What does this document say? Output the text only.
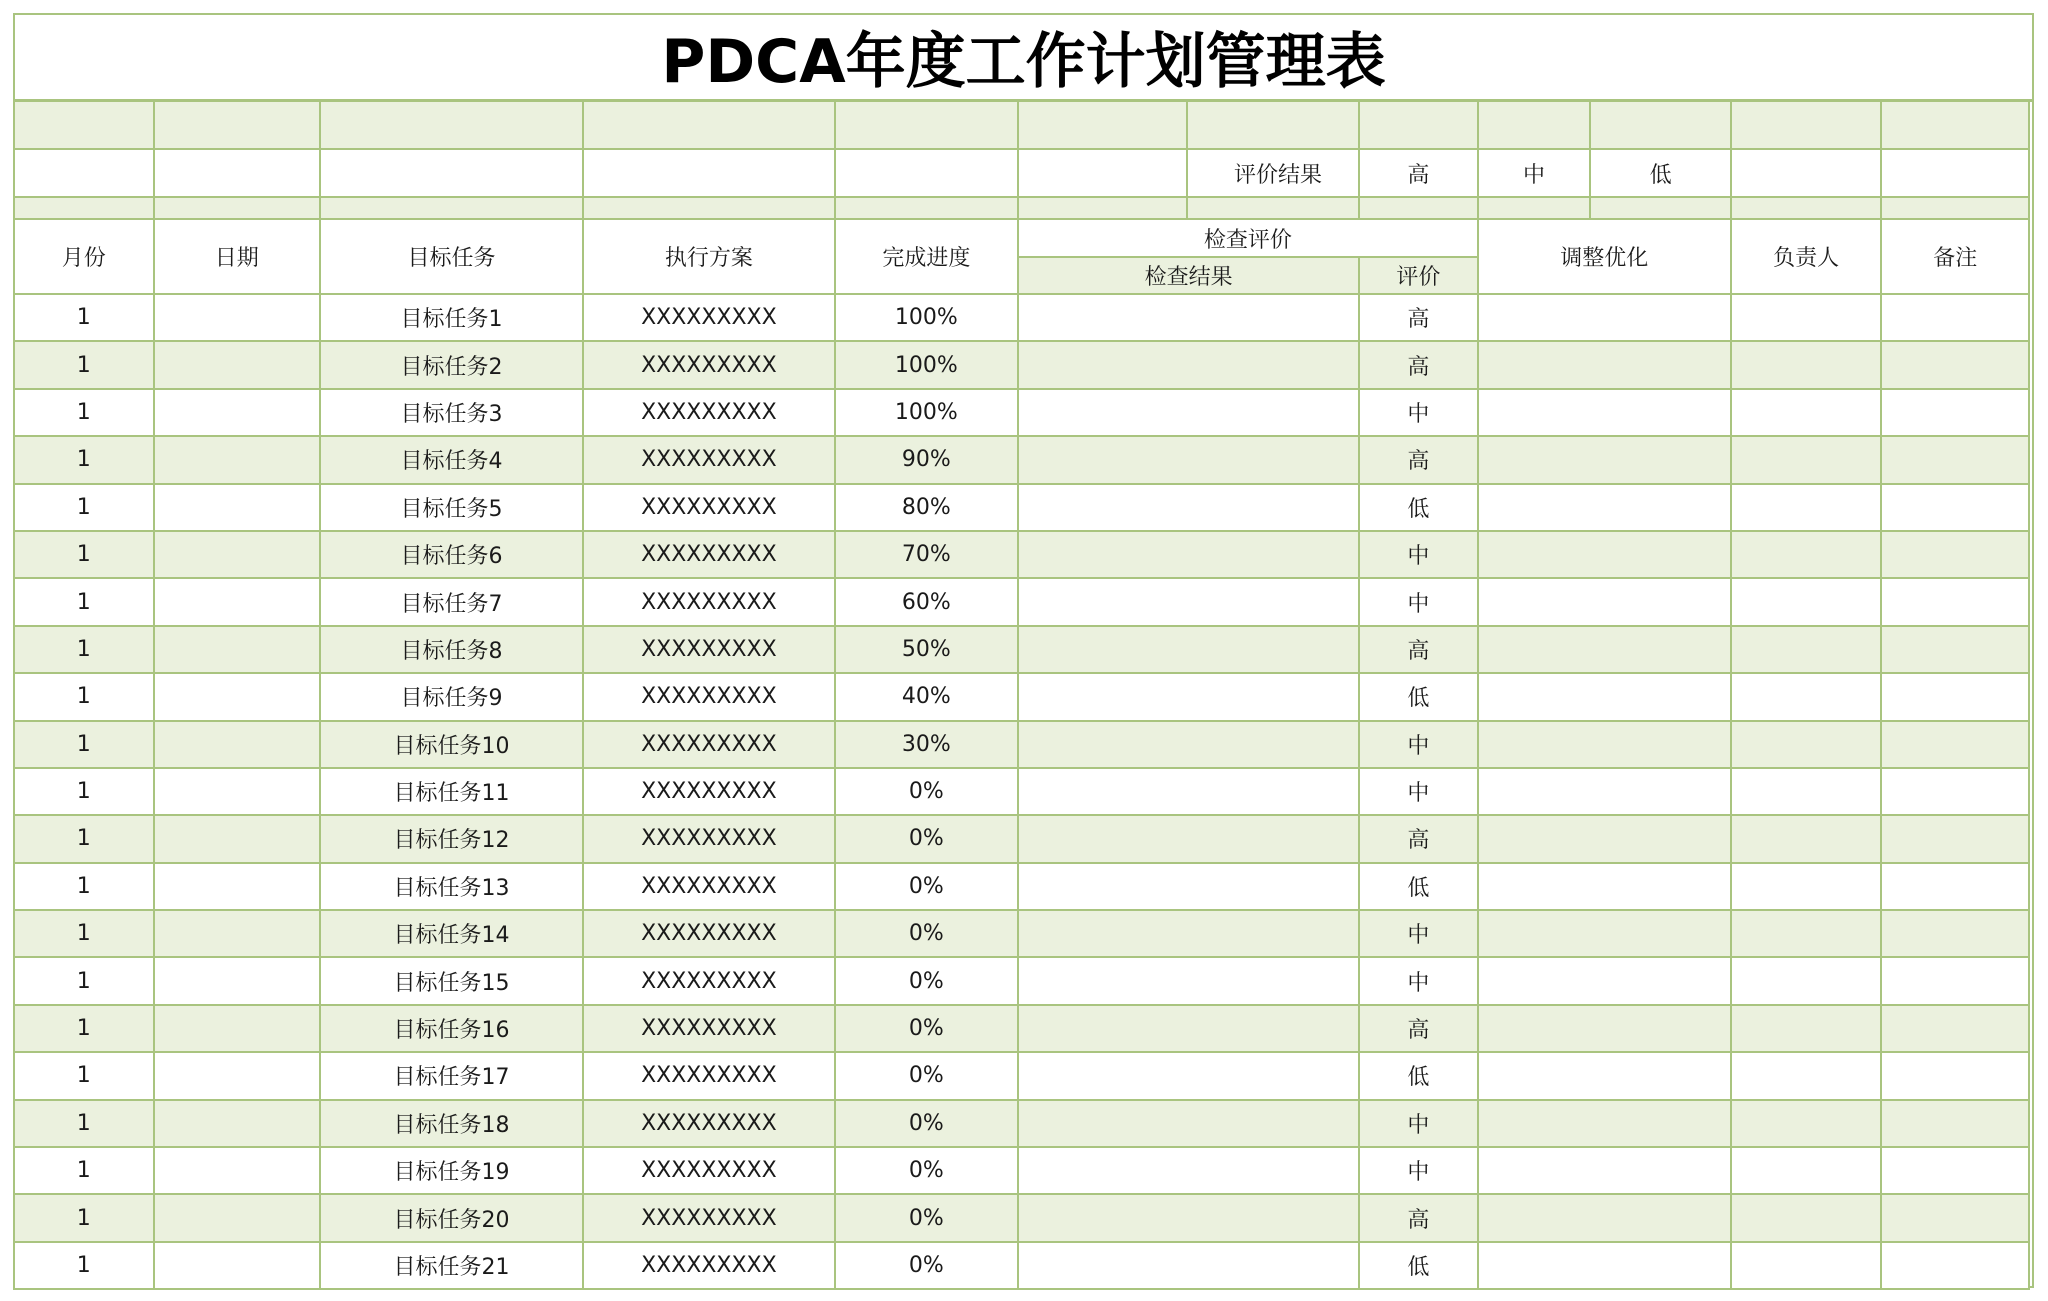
PDCA年度工作计划管理表

						评价结果	高	中	低		

月份	日期	目标任务	执行方案	完成进度	检查评价			调整优化		负责人	备注
					检查结果		评价				
1		目标任务1	XXXXXXXXX	100%			高				
1		目标任务2	XXXXXXXXX	100%			高				
1		目标任务3	XXXXXXXXX	100%			中				
1		目标任务4	XXXXXXXXX	90%			高				
1		目标任务5	XXXXXXXXX	80%			低				
1		目标任务6	XXXXXXXXX	70%			中				
1		目标任务7	XXXXXXXXX	60%			中				
1		目标任务8	XXXXXXXXX	50%			高				
1		目标任务9	XXXXXXXXX	40%			低				
1		目标任务10	XXXXXXXXX	30%			中				
1		目标任务11	XXXXXXXXX	0%			中				
1		目标任务12	XXXXXXXXX	0%			高				
1		目标任务13	XXXXXXXXX	0%			低				
1		目标任务14	XXXXXXXXX	0%			中				
1		目标任务15	XXXXXXXXX	0%			中				
1		目标任务16	XXXXXXXXX	0%			高				
1		目标任务17	XXXXXXXXX	0%			低				
1		目标任务18	XXXXXXXXX	0%			中				
1		目标任务19	XXXXXXXXX	0%			中				
1		目标任务20	XXXXXXXXX	0%			高				
1		目标任务21	XXXXXXXXX	0%			低				
